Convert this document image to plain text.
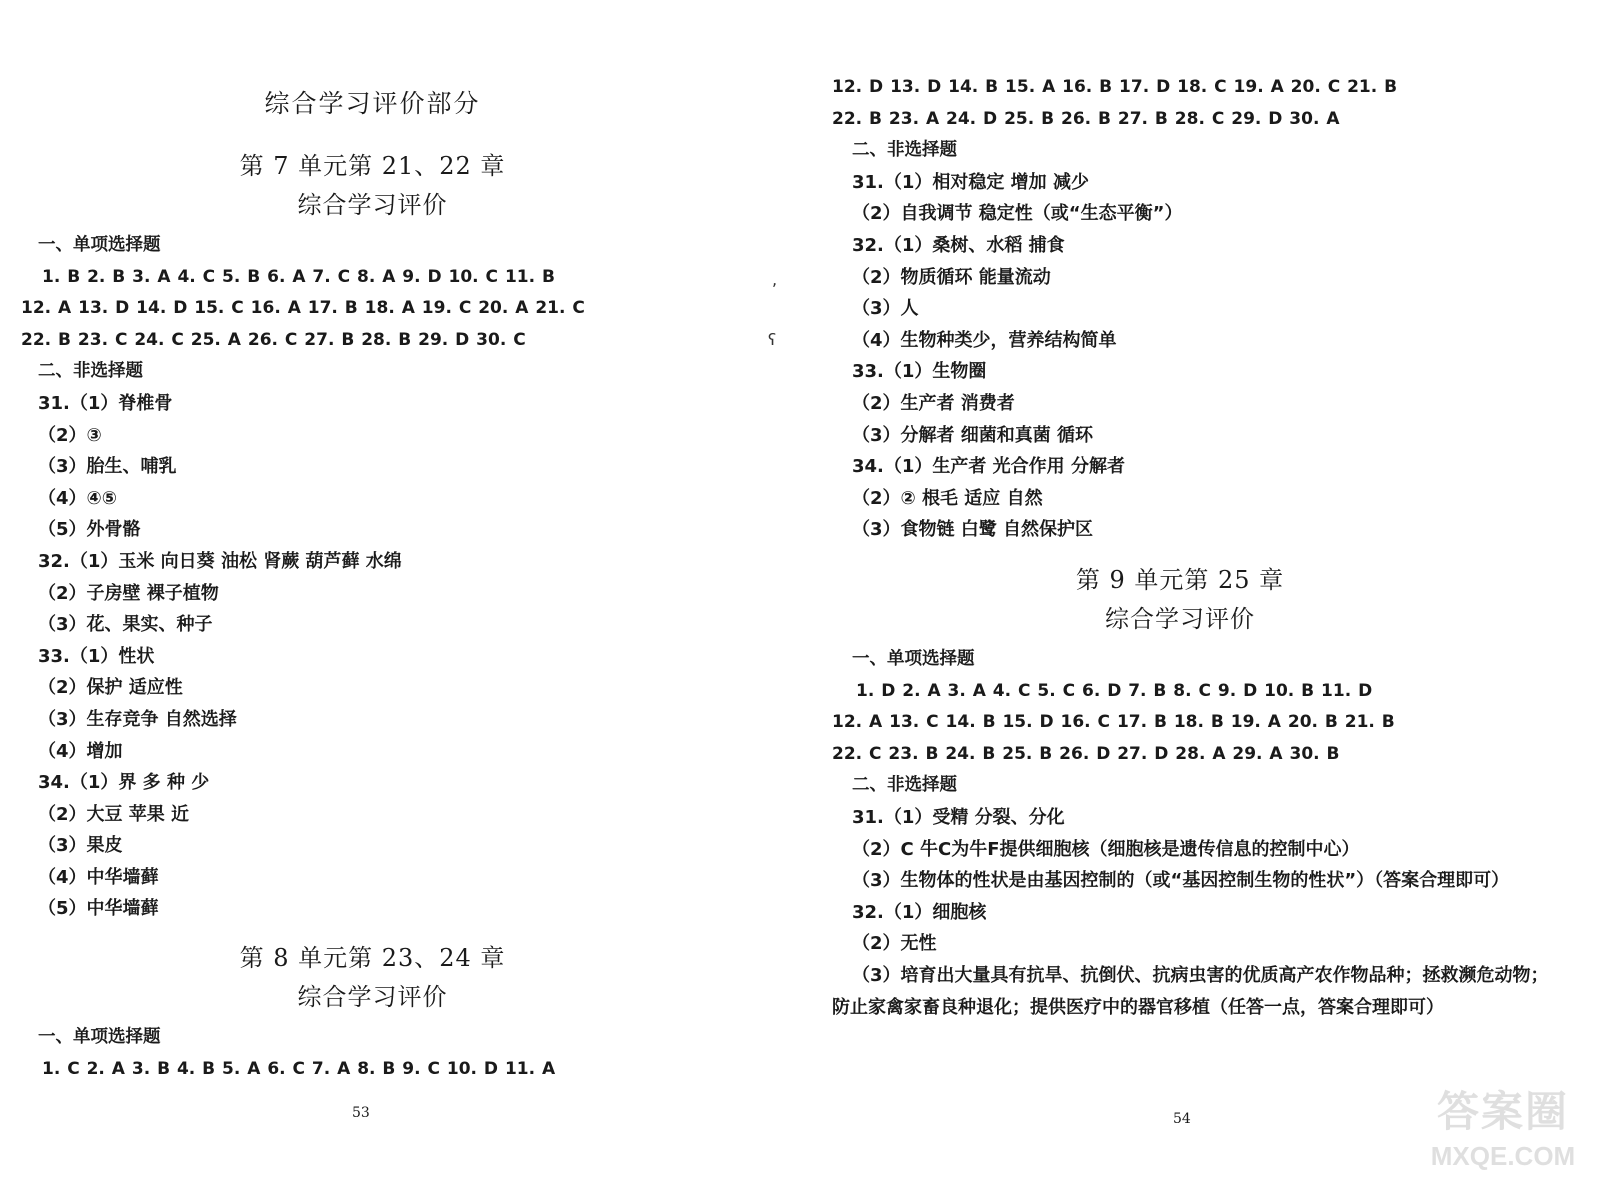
综合学习评价部分
第 7 单元第 21、22 章
综合学习评价
一、单项选择题
1. B 2. B 3. A 4. C 5. B 6. A 7. C 8. A 9. D 10. C 11. B
12. A 13. D 14. D 15. C 16. A 17. B 18. A 19. C 20. A 21. C
22. B 23. C 24. C 25. A 26. C 27. B 28. B 29. D 30. C
二、非选择题
31.（1）脊椎骨
（2）③
（3）胎生、哺乳
（4）④⑤
（5）外骨骼
32.（1）玉米 向日葵 油松 肾蕨 葫芦藓 水绵
（2）子房壁 裸子植物
（3）花、果实、种子
33.（1）性状
（2）保护 适应性
（3）生存竞争 自然选择
（4）增加
34.（1）界 多 种 少
（2）大豆 苹果 近
（3）果皮
（4）中华墙藓
（5）中华墙藓
第 8 单元第 23、24 章
综合学习评价
一、单项选择题
1. C 2. A 3. B 4. B 5. A 6. C 7. A 8. B 9. C 10. D 11. A
,
ʕ
53
12. D 13. D 14. B 15. A 16. B 17. D 18. C 19. A 20. C 21. B
22. B 23. A 24. D 25. B 26. B 27. B 28. C 29. D 30. A
二、非选择题
31.（1）相对稳定 增加 减少
（2）自我调节 稳定性（或“生态平衡”）
32.（1）桑树、水稻 捕食
（2）物质循环 能量流动
（3）人
（4）生物种类少，营养结构简单
33.（1）生物圈
（2）生产者 消费者
（3）分解者 细菌和真菌 循环
34.（1）生产者 光合作用 分解者
（2）② 根毛 适应 自然
（3）食物链 白鹭 自然保护区
第 9 单元第 25 章
综合学习评价
一、单项选择题
1. D 2. A 3. A 4. C 5. C 6. D 7. B 8. C 9. D 10. B 11. D
12. A 13. C 14. B 15. D 16. C 17. B 18. B 19. A 20. B 21. B
22. C 23. B 24. B 25. B 26. D 27. D 28. A 29. A 30. B
二、非选择题
31.（1）受精 分裂、分化
（2）C 牛C为牛F提供细胞核（细胞核是遗传信息的控制中心）
（3）生物体的性状是由基因控制的（或“基因控制生物的性状”）（答案合理即可）
32.（1）细胞核
（2）无性
（3）培育出大量具有抗旱、抗倒伏、抗病虫害的优质高产农作物品种；拯救濒危动物；防止家禽家畜良种退化；提供医疗中的器官移植（任答一点，答案合理即可）
54	答案圈
MXQE.COM
